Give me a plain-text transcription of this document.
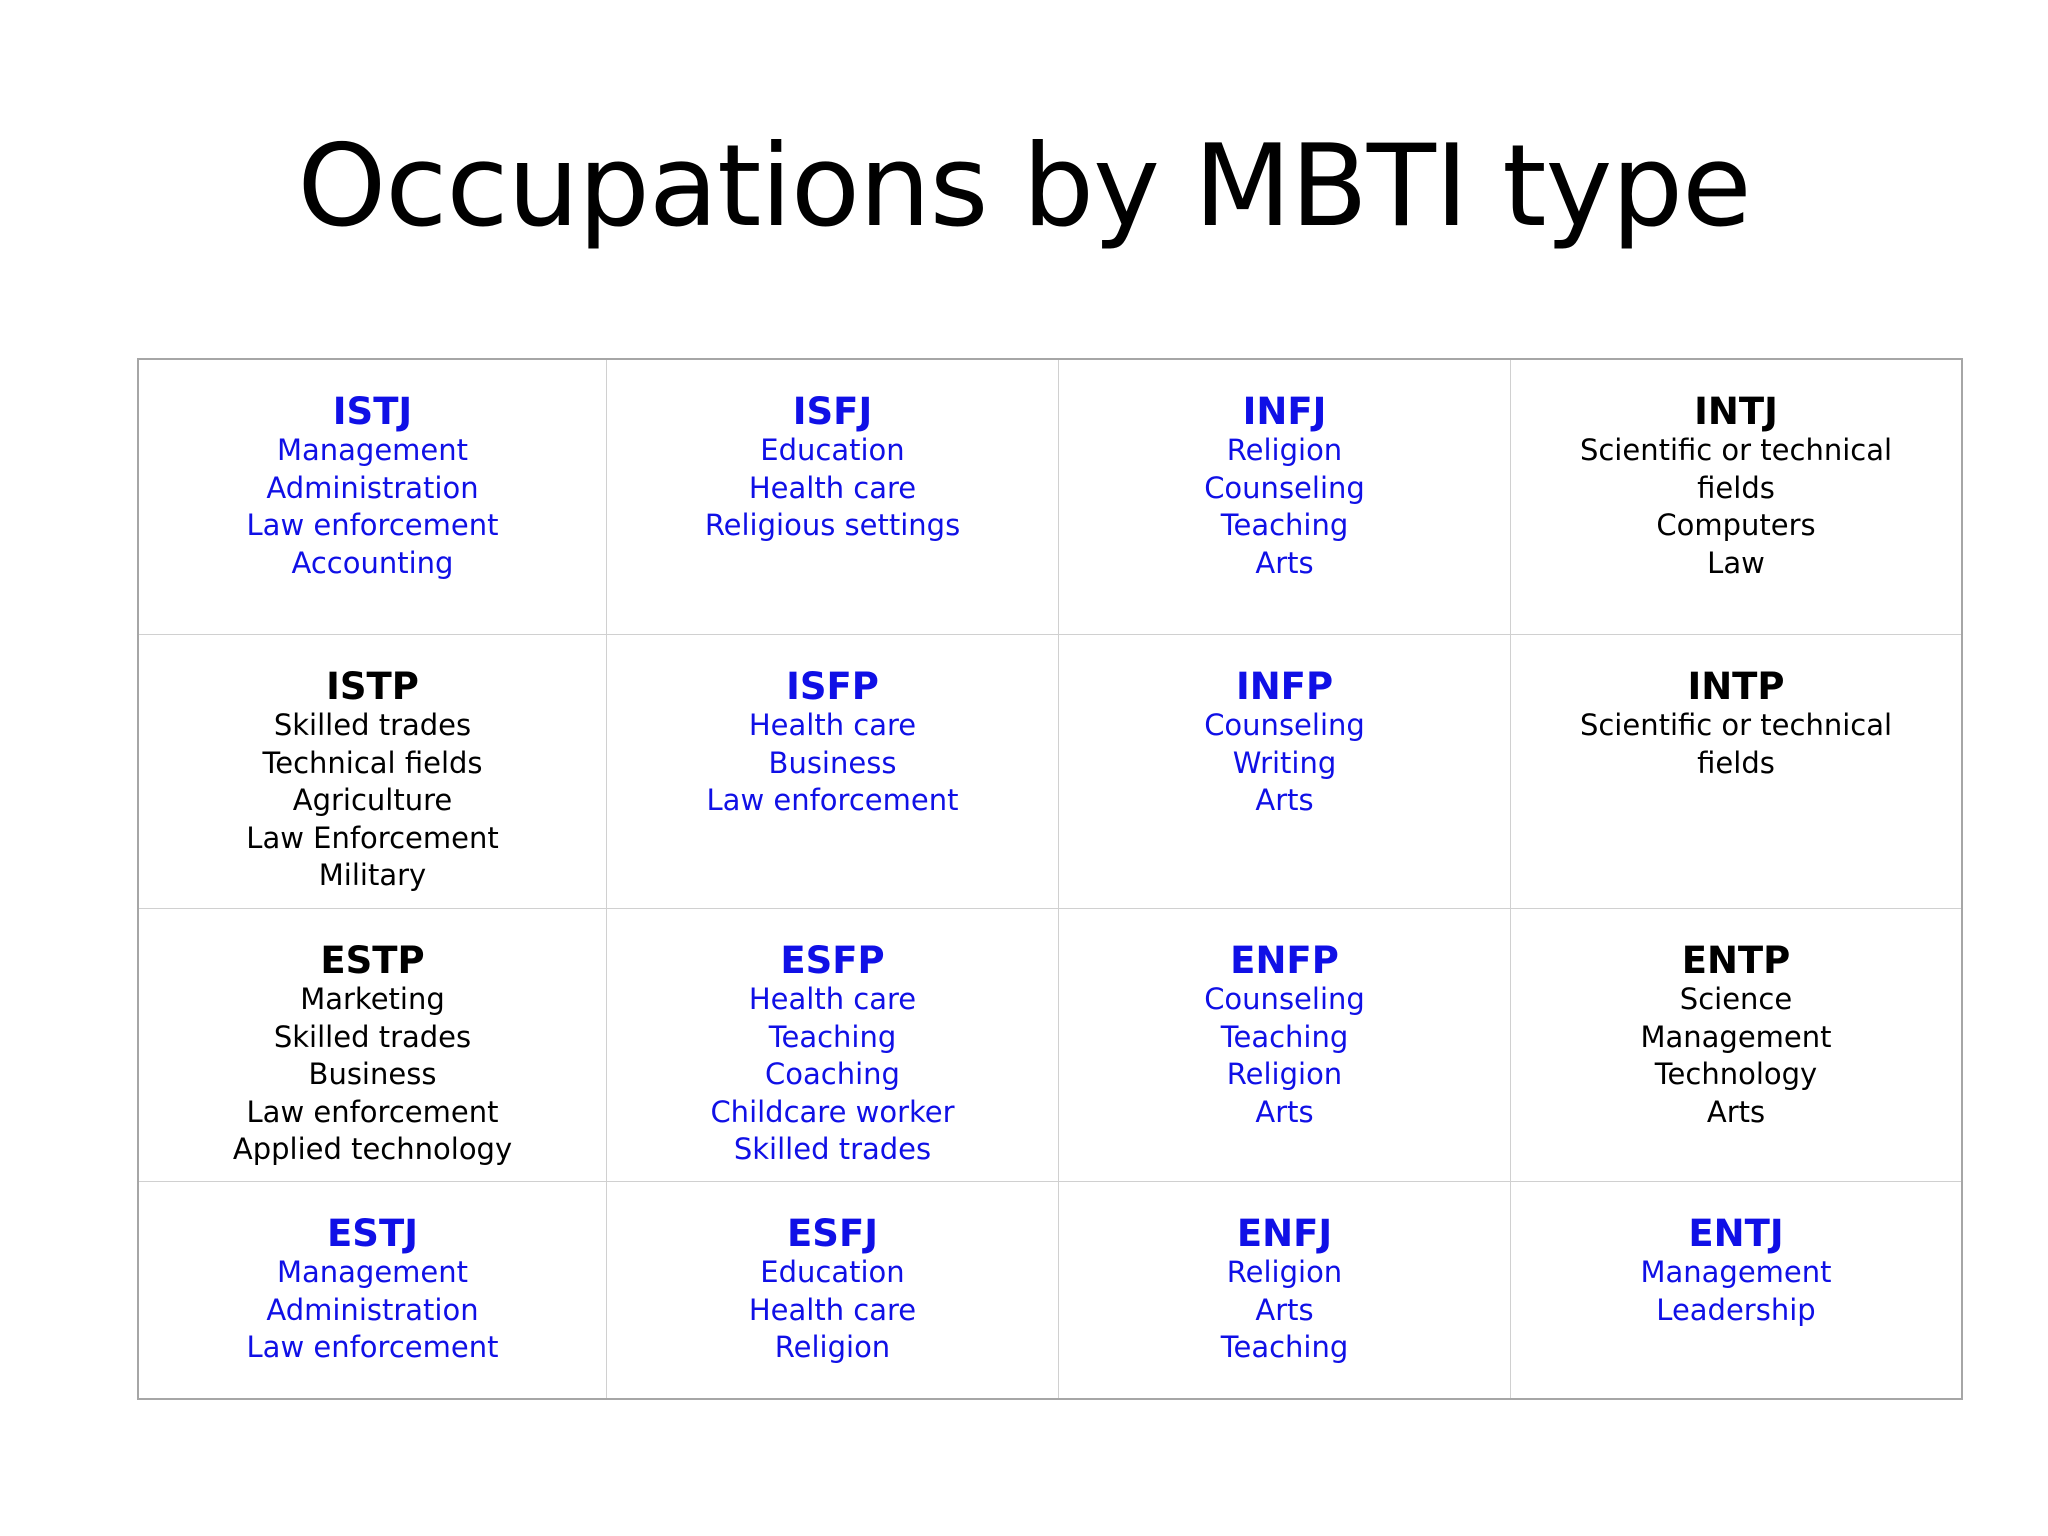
Occupations by MBTI type
ISTJ
Management
Administration
Law enforcement
Accounting
ISFJ
Education
Health care
Religious settings
INFJ
Religion
Counseling
Teaching
Arts
INTJ
Scientific or technical fields
Computers
Law
ISTP
Skilled trades
Technical fields
Agriculture
Law Enforcement
Military
ISFP
Health care
Business
Law enforcement
INFP
Counseling
Writing
Arts
INTP
Scientific or technical fields
ESTP
Marketing
Skilled trades
Business
Law enforcement
Applied technology
ESFP
Health care
Teaching
Coaching
Childcare worker
Skilled trades
ENFP
Counseling
Teaching
Religion
Arts
ENTP
Science
Management
Technology
Arts
ESTJ
Management
Administration
Law enforcement
ESFJ
Education
Health care
Religion
ENFJ
Religion
Arts
Teaching
ENTJ
Management
Leadership
